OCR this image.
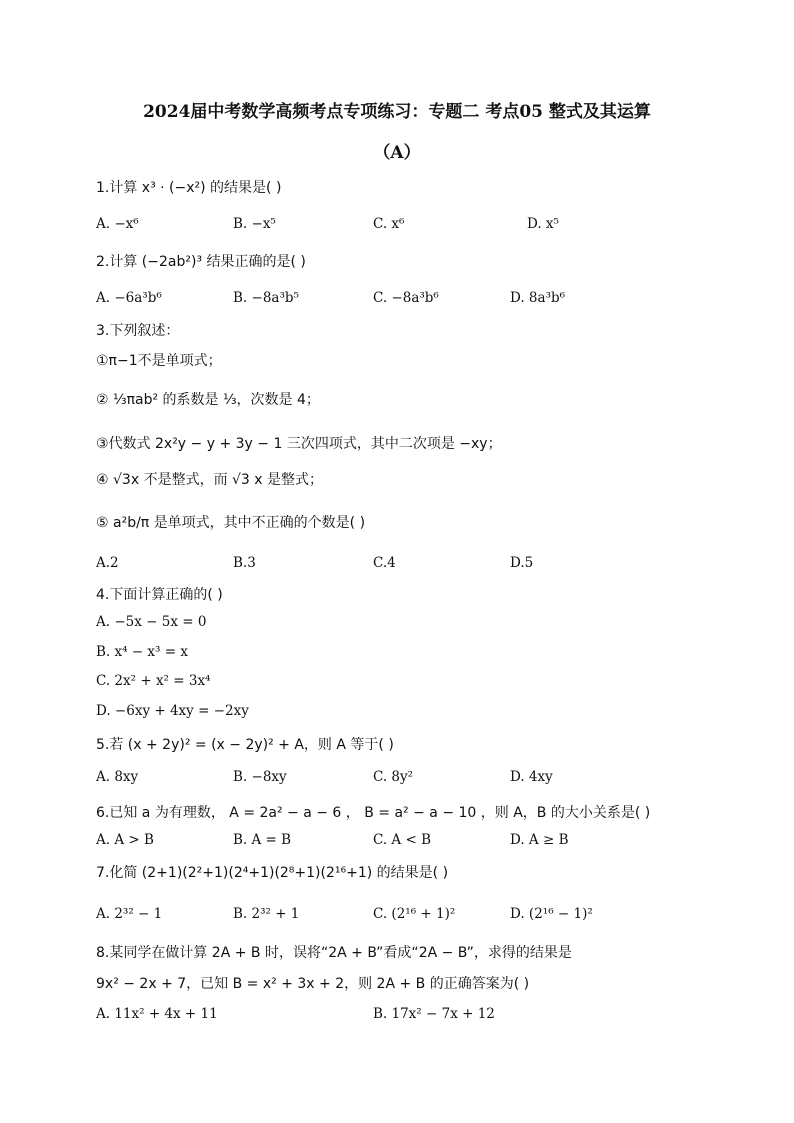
2024届中考数学高频考点专项练习：专题二 考点05 整式及其运算
（A）
1.计算 x³ · (−x²) 的结果是( )
A. −x⁶	B. −x⁵	C. x⁶	D. x⁵
2.计算 (−2ab²)³ 结果正确的是( )
A. −6a³b⁶	B. −8a³b⁵	C. −8a³b⁶	D. 8a³b⁶
3.下列叙述：
①π−1不是单项式；
② ⅓πab² 的系数是 ⅓，次数是 4；
③代数式 2x²y − y + 3y − 1 三次四项式，其中二次项是 −xy；
④ √3x 不是整式，而 √3 x 是整式；
⑤ a²b/π 是单项式，其中不正确的个数是( )
A.2	B.3	C.4	D.5
4.下面计算正确的( )
A. −5x − 5x = 0
B. x⁴ − x³ = x
C. 2x² + x² = 3x⁴
D. −6xy + 4xy = −2xy
5.若 (x + 2y)² = (x − 2y)² + A，则 A 等于( )
A. 8xy	B. −8xy	C. 8y²	D. 4xy
6.已知 a 为有理数， A = 2a² − a − 6 ， B = a² − a − 10 ，则 A，B 的大小关系是( )
A. A > B	B. A = B	C. A < B	D. A ≥ B
7.化简 (2+1)(2²+1)(2⁴+1)(2⁸+1)(2¹⁶+1) 的结果是( )
A. 2³² − 1	B. 2³² + 1	C. (2¹⁶ + 1)²	D. (2¹⁶ − 1)²
8.某同学在做计算 2A + B 时，误将“2A + B”看成“2A − B”，求得的结果是
9x² − 2x + 7，已知 B = x² + 3x + 2，则 2A + B 的正确答案为( )
A. 11x² + 4x + 11	B. 17x² − 7x + 12
